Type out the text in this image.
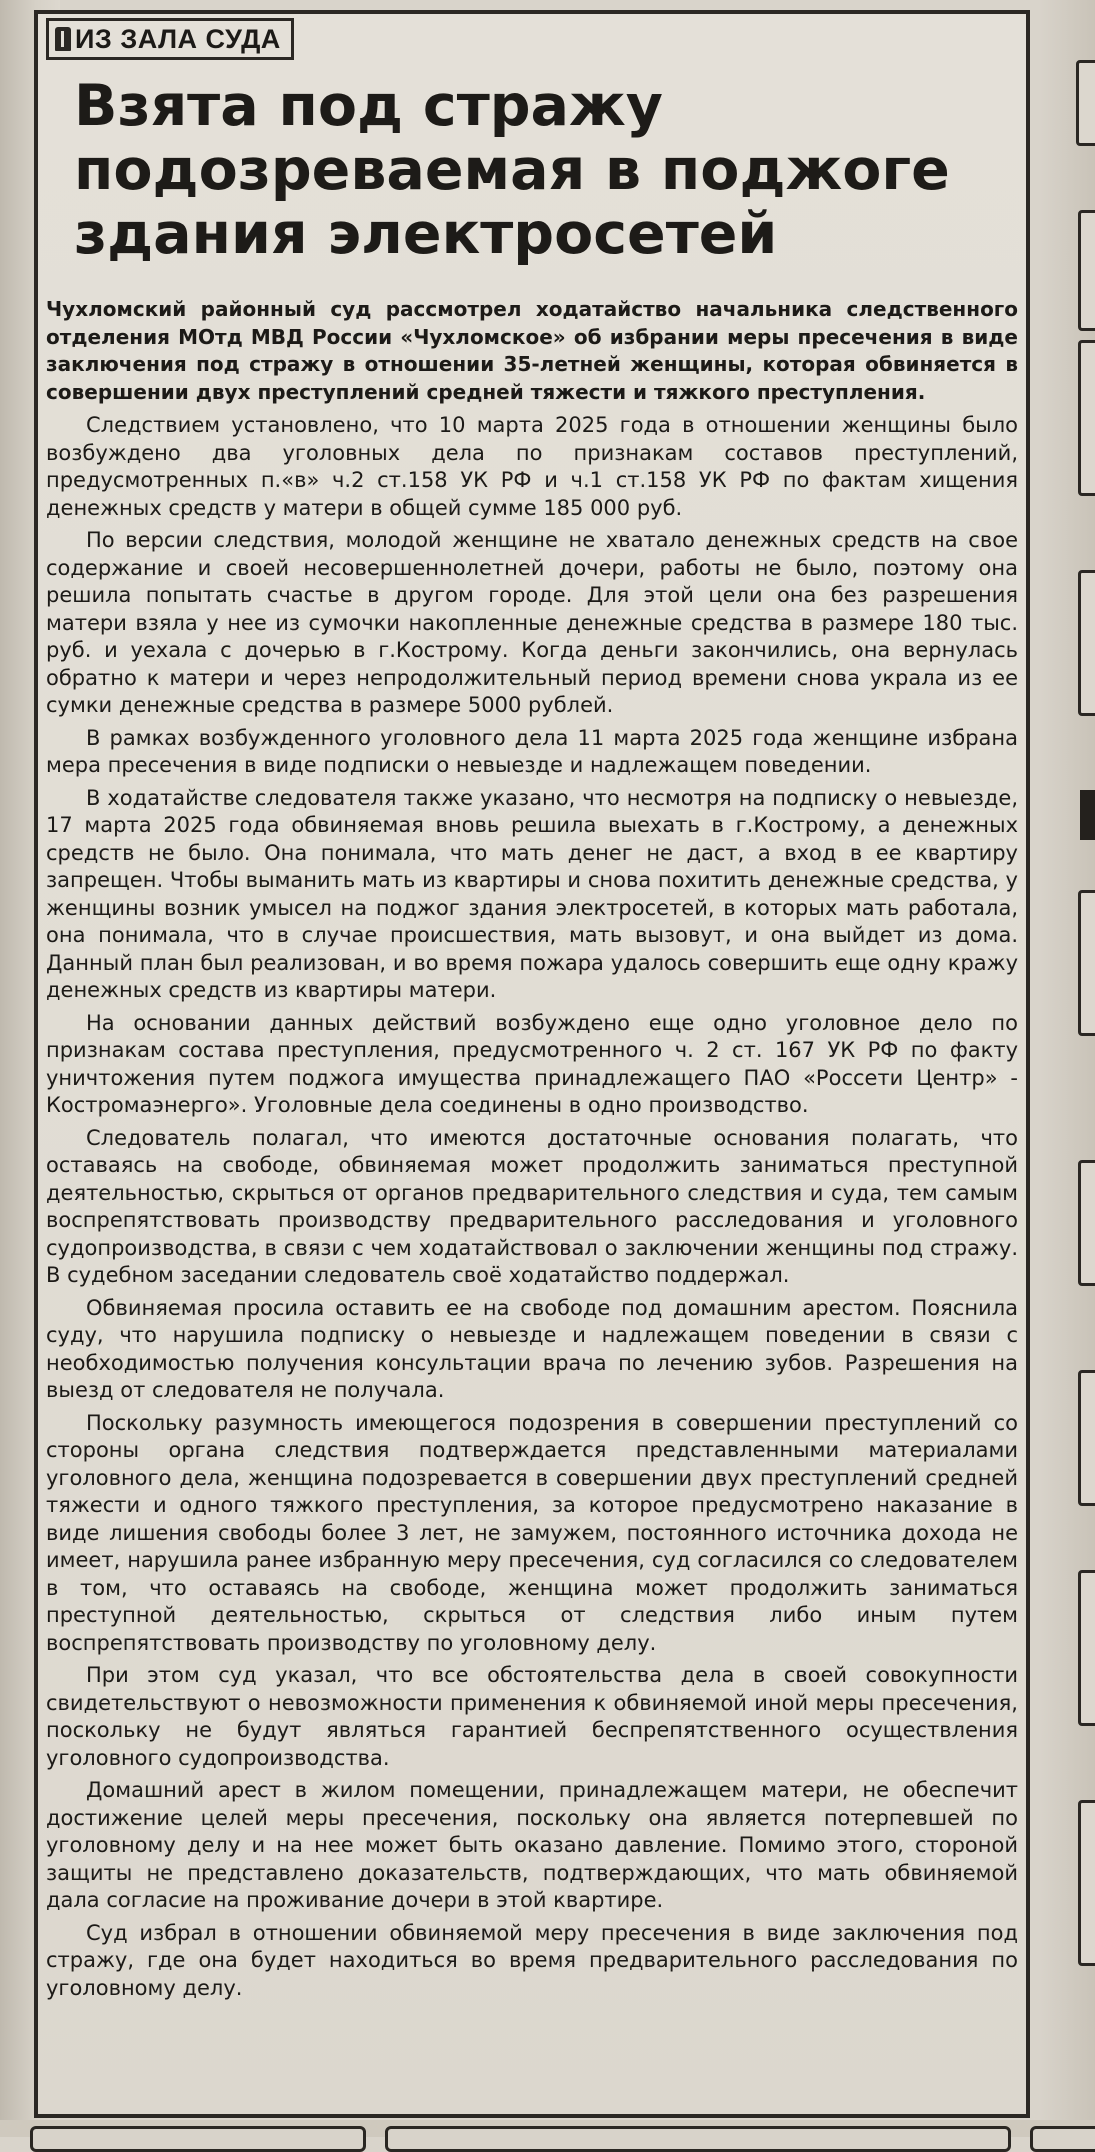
ИЗ ЗАЛА СУДА
Взята под стражу
подозреваемая в поджоге
здания электросетей

Чухломский районный суд рассмотрел ходатайство начальника следственного отделения МОтд МВД России «Чухломское» об избрании меры пресечения в виде заключения под стражу в отношении 35-летней женщины, которая обвиняется в совершении двух преступлений средней тяжести и тяжкого преступления.

Следствием установлено, что 10 марта 2025 года в отношении женщины было возбуждено два уголовных дела по признакам составов преступлений, предусмотренных п.«в» ч.2 ст.158 УК РФ и ч.1 ст.158 УК РФ по фактам хищения денежных средств у матери в общей сумме 185 000 руб.

По версии следствия, молодой женщине не хватало денежных средств на свое содержание и своей несовершеннолетней дочери, работы не было, поэтому она решила попытать счастье в другом городе. Для этой цели она без разрешения матери взяла у нее из сумочки накопленные денежные средства в размере 180 тыс. руб. и уехала с дочерью в г.Кострому. Когда деньги закончились, она вернулась обратно к матери и через непродолжительный период времени снова украла из ее сумки денежные средства в размере 5000 рублей.

В рамках возбужденного уголовного дела 11 марта 2025 года женщине избрана мера пресечения в виде подписки о невыезде и надлежащем поведении.

В ходатайстве следователя также указано, что несмотря на подписку о невыезде, 17 марта 2025 года обвиняемая вновь решила выехать в г.Кострому, а денежных средств не было. Она понимала, что мать денег не даст, а вход в ее квартиру запрещен. Чтобы выманить мать из квартиры и снова похитить денежные средства, у женщины возник умысел на поджог здания электросетей, в которых мать работала, она понимала, что в случае происшествия, мать вызовут, и она выйдет из дома. Данный план был реализован, и во время пожара удалось совершить еще одну кражу денежных средств из квартиры матери.

На основании данных действий возбуждено еще одно уголовное дело по признакам состава преступления, предусмотренного ч. 2 ст. 167 УК РФ по факту уничтожения путем поджога имущества принадлежащего ПАО «Россети Центр» - Костромаэнерго». Уголовные дела соединены в одно производство.

Следователь полагал, что имеются достаточные основания полагать, что оставаясь на свободе, обвиняемая может продолжить заниматься преступной деятельностью, скрыться от органов предварительного следствия и суда, тем самым воспрепятствовать производству предварительного расследования и уголовного судопроизводства, в связи с чем ходатайствовал о заключении женщины под стражу. В судебном заседании следователь своё ходатайство поддержал.

Обвиняемая просила оставить ее на свободе под домашним арестом. Пояснила суду, что нарушила подписку о невыезде и надлежащем поведении в связи с необходимостью получения консультации врача по лечению зубов. Разрешения на выезд от следователя не получала.

Поскольку разумность имеющегося подозрения в совершении преступлений со стороны органа следствия подтверждается представленными материалами уголовного дела, женщина подозревается в совершении двух преступлений средней тяжести и одного тяжкого преступления, за которое предусмотрено наказание в виде лишения свободы более 3 лет, не замужем, постоянного источника дохода не имеет, нарушила ранее избранную меру пресечения, суд согласился со следователем в том, что оставаясь на свободе, женщина может продолжить заниматься преступной деятельностью, скрыться от следствия либо иным путем воспрепятствовать производству по уголовному делу.

При этом суд указал, что все обстоятельства дела в своей совокупности свидетельствуют о невозможности применения к обвиняемой иной меры пресечения, поскольку не будут являться гарантией беспрепятственного осуществления уголовного судопроизводства.

Домашний арест в жилом помещении, принадлежащем матери, не обеспечит достижение целей меры пресечения, поскольку она является потерпевшей по уголовному делу и на нее может быть оказано давление. Помимо этого, стороной защиты не представлено доказательств, подтверждающих, что мать обвиняемой дала согласие на проживание дочери в этой квартире.

Суд избрал в отношении обвиняемой меру пресечения в виде заключения под стражу, где она будет находиться во время предварительного расследования по уголовному делу.
